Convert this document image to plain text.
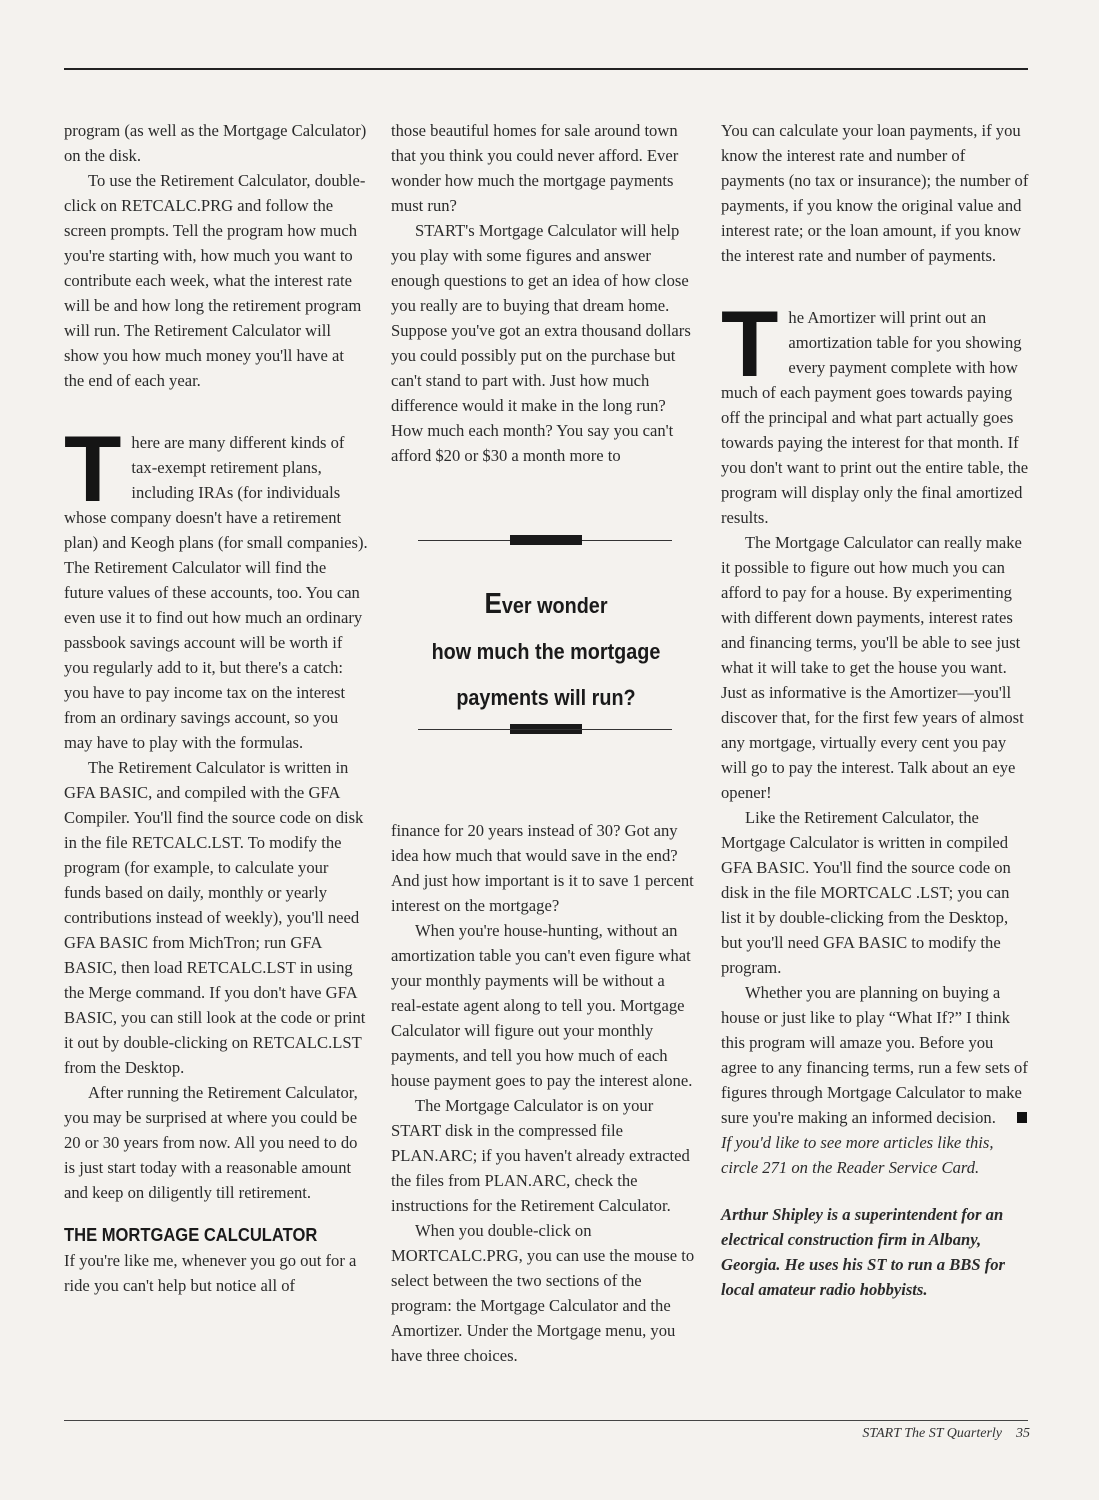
program (as well as the Mortgage Calculator) on the disk.

To use the Retirement Calculator, double-click on RETCALC.PRG and follow the screen prompts. Tell the program how much you're starting with, how much you want to contribute each week, what the interest rate will be and how long the retirement program will run. The Retirement Calculator will show you how much money you'll have at the end of each year.

T here are many different kinds of tax-exempt retirement plans, including IRAs (for individuals whose company doesn't have a retirement plan) and Keogh plans (for small companies). The Retirement Calculator will find the future values of these accounts, too. You can even use it to find out how much an ordinary passbook savings account will be worth if you regularly add to it, but there's a catch: you have to pay income tax on the interest from an ordinary savings account, so you may have to play with the formulas.

The Retirement Calculator is written in GFA BASIC, and compiled with the GFA Compiler. You'll find the source code on disk in the file RETCALC.LST. To modify the program (for example, to calculate your funds based on daily, monthly or yearly contributions instead of weekly), you'll need GFA BASIC from MichTron; run GFA BASIC, then load RETCALC.LST in using the Merge command. If you don't have GFA BASIC, you can still look at the code or print it out by double-clicking on RETCALC.LST from the Desktop.

After running the Retirement Calculator, you may be surprised at where you could be 20 or 30 years from now. All you need to do is just start today with a reasonable amount and keep on diligently till retirement.

THE MORTGAGE CALCULATOR

If you're like me, whenever you go out for a ride you can't help but notice all of

those beautiful homes for sale around town that you think you could never afford. Ever wonder how much the mortgage payments must run?

START's Mortgage Calculator will help you play with some figures and answer enough questions to get an idea of how close you really are to buying that dream home. Suppose you've got an extra thousand dollars you could possibly put on the purchase but can't stand to part with. Just how much difference would it make in the long run? How much each month? You say you can't afford $20 or $30 a month more to

Ever wonder
how much the mortgage
payments will run?

finance for 20 years instead of 30? Got any idea how much that would save in the end? And just how important is it to save 1 percent interest on the mortgage?

When you're house-hunting, without an amortization table you can't even figure what your monthly payments will be without a real-estate agent along to tell you. Mortgage Calculator will figure out your monthly payments, and tell you how much of each house payment goes to pay the interest alone.

The Mortgage Calculator is on your START disk in the compressed file PLAN.ARC; if you haven't already extracted the files from PLAN.ARC, check the instructions for the Retirement Calculator.

When you double-click on MORTCALC.PRG, you can use the mouse to select between the two sections of the program: the Mortgage Calculator and the Amortizer. Under the Mortgage menu, you have three choices.

You can calculate your loan payments, if you know the interest rate and number of payments (no tax or insurance); the number of payments, if you know the original value and interest rate; or the loan amount, if you know the interest rate and number of payments.

T he Amortizer will print out an amortization table for you showing every payment complete with how much of each payment goes towards paying off the principal and what part actually goes towards paying the interest for that month. If you don't want to print out the entire table, the program will display only the final amortized results.

The Mortgage Calculator can really make it possible to figure out how much you can afford to pay for a house. By experimenting with different down payments, interest rates and financing terms, you'll be able to see just what it will take to get the house you want. Just as informative is the Amortizer—you'll discover that, for the first few years of almost any mortgage, virtually every cent you pay will go to pay the interest. Talk about an eye opener!

Like the Retirement Calculator, the Mortgage Calculator is written in compiled GFA BASIC. You'll find the source code on disk in the file MORTCALC .LST; you can list it by double-clicking from the Desktop, but you'll need GFA BASIC to modify the program.

Whether you are planning on buying a house or just like to play “What If?” I think this program will amaze you. Before you agree to any financing terms, run a few sets of figures through Mortgage Calculator to make sure you're making an informed decision.

If you'd like to see more articles like this, circle 271 on the Reader Service Card.

Arthur Shipley is a superintendent for an electrical construction firm in Albany, Georgia. He uses his ST to run a BBS for local amateur radio hobbyists.

START The ST Quarterly 35
